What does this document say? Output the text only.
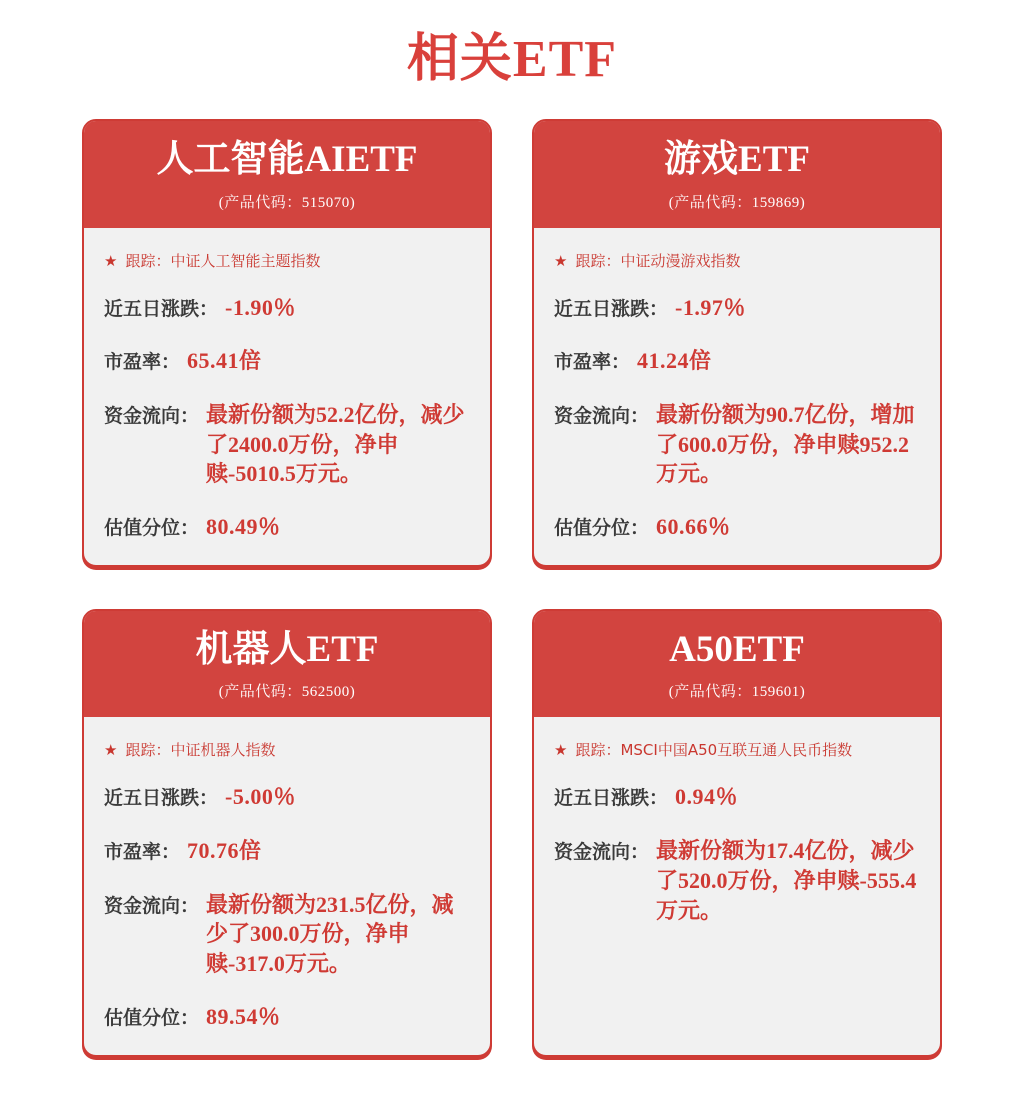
相关ETF
人工智能AIETF
(产品代码：515070)
★ 跟踪： 中证人工智能主题指数
近五日涨跌： -1.90％
市盈率： 65.41倍
资金流向： 最新份额为52.2亿份，减少了2400.0万份，净申赎-5010.5万元。
估值分位： 80.49％
游戏ETF
(产品代码：159869)
★ 跟踪： 中证动漫游戏指数
近五日涨跌： -1.97％
市盈率： 41.24倍
资金流向： 最新份额为90.7亿份，增加了600.0万份，净申赎952.2万元。
估值分位： 60.66％
机器人ETF
(产品代码：562500)
★ 跟踪： 中证机器人指数
近五日涨跌： -5.00％
市盈率： 70.76倍
资金流向： 最新份额为231.5亿份，减少了300.0万份，净申赎-317.0万元。
估值分位： 89.54％
A50ETF
(产品代码：159601)
★ 跟踪： MSCI中国A50互联互通人民币指数
近五日涨跌： 0.94％
资金流向： 最新份额为17.4亿份，减少了520.0万份，净申赎-555.4万元。
